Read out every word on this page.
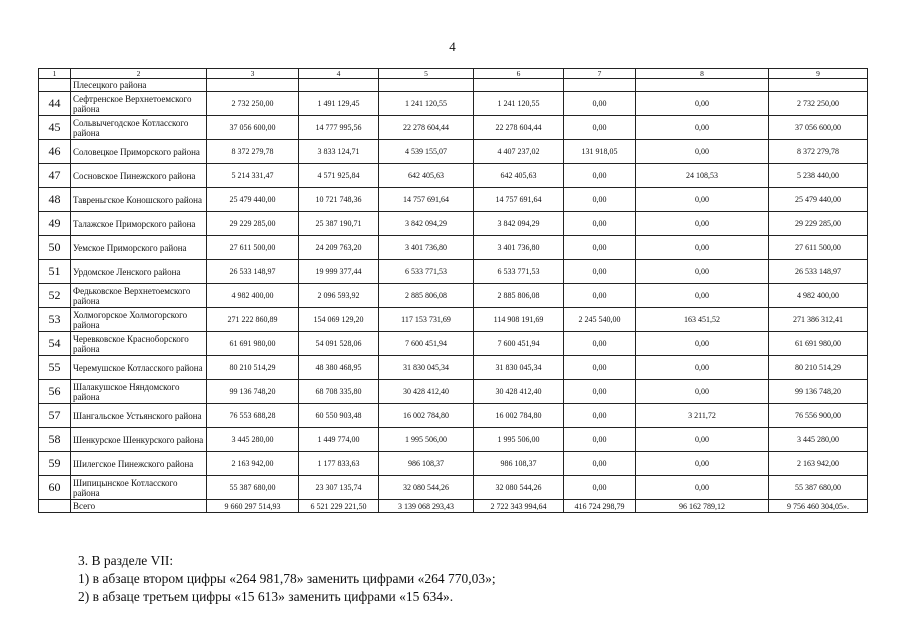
4
1	2	3	4	5	6	7	8	9
	Плесецкого района							
44	Сефтренское Верхнетоемского района	2 732 250,00	1 491 129,45	1 241 120,55	1 241 120,55	0,00	0,00	2 732 250,00
45	Сольвычегодское Котласского района	37 056 600,00	14 777 995,56	22 278 604,44	22 278 604,44	0,00	0,00	37 056 600,00
46	Соловецкое Приморского района	8 372 279,78	3 833 124,71	4 539 155,07	4 407 237,02	131 918,05	0,00	8 372 279,78
47	Сосновское Пинежского района	5 214 331,47	4 571 925,84	642 405,63	642 405,63	0,00	24 108,53	5 238 440,00
48	Тавреньгское Коношского района	25 479 440,00	10 721 748,36	14 757 691,64	14 757 691,64	0,00	0,00	25 479 440,00
49	Талажское Приморского района	29 229 285,00	25 387 190,71	3 842 094,29	3 842 094,29	0,00	0,00	29 229 285,00
50	Уемское Приморского района	27 611 500,00	24 209 763,20	3 401 736,80	3 401 736,80	0,00	0,00	27 611 500,00
51	Урдомское Ленского района	26 533 148,97	19 999 377,44	6 533 771,53	6 533 771,53	0,00	0,00	26 533 148,97
52	Федьковское Верхнетоемского района	4 982 400,00	2 096 593,92	2 885 806,08	2 885 806,08	0,00	0,00	4 982 400,00
53	Холмогорское Холмогорского района	271 222 860,89	154 069 129,20	117 153 731,69	114 908 191,69	2 245 540,00	163 451,52	271 386 312,41
54	Черевковское Красноборского района	61 691 980,00	54 091 528,06	7 600 451,94	7 600 451,94	0,00	0,00	61 691 980,00
55	Черемушское Котласского района	80 210 514,29	48 380 468,95	31 830 045,34	31 830 045,34	0,00	0,00	80 210 514,29
56	Шалакушское Няндомского района	99 136 748,20	68 708 335,80	30 428 412,40	30 428 412,40	0,00	0,00	99 136 748,20
57	Шангальское Устьянского района	76 553 688,28	60 550 903,48	16 002 784,80	16 002 784,80	0,00	3 211,72	76 556 900,00
58	Шенкурское Шенкурского района	3 445 280,00	1 449 774,00	1 995 506,00	1 995 506,00	0,00	0,00	3 445 280,00
59	Шилегское Пинежского района	2 163 942,00	1 177 833,63	986 108,37	986 108,37	0,00	0,00	2 163 942,00
60	Шипицынское Котласского района	55 387 680,00	23 307 135,74	32 080 544,26	32 080 544,26	0,00	0,00	55 387 680,00
	Всего	9 660 297 514,93	6 521 229 221,50	3 139 068 293,43	2 722 343 994,64	416 724 298,79	96 162 789,12	9 756 460 304,05».
3. В разделе VII:
1) в абзаце втором цифры «264 981,78» заменить цифрами «264 770,03»;
2) в абзаце третьем цифры «15 613» заменить цифрами «15 634».
